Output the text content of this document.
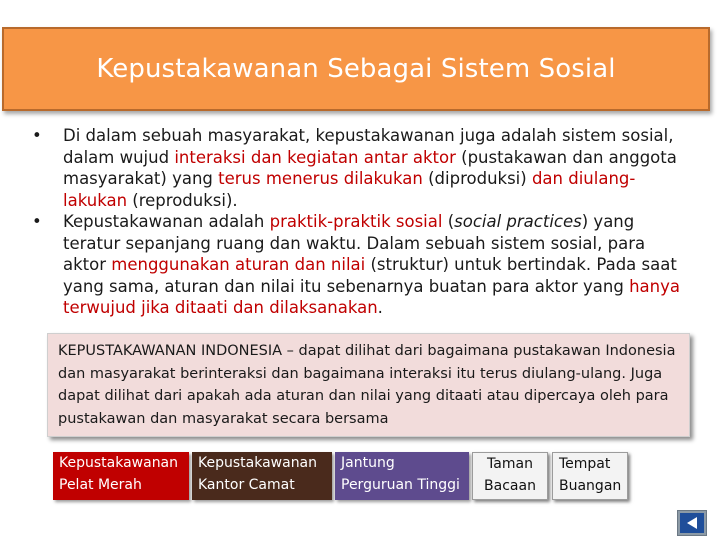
Kepustakawanan Sebagai Sistem Sosial
• Di dalam sebuah masyarakat, kepustakawanan juga adalah sistem sosial, dalam wujud interaksi dan kegiatan antar aktor (pustakawan dan anggota masyarakat) yang terus menerus dilakukan (diproduksi) dan diulang-lakukan (reproduksi).
• Kepustakawanan adalah praktik-praktik sosial (social practices) yang teratur sepanjang ruang dan waktu. Dalam sebuah sistem sosial, para aktor menggunakan aturan dan nilai (struktur) untuk bertindak. Pada saat yang sama, aturan dan nilai itu sebenarnya buatan para aktor yang hanya terwujud jika ditaati dan dilaksanakan.
KEPUSTAKAWANAN INDONESIA – dapat dilihat dari bagaimana pustakawan Indonesia dan masyarakat berinteraksi dan bagaimana interaksi itu terus diulang-ulang. Juga dapat dilihat dari apakah ada aturan dan nilai yang ditaati atau dipercaya oleh para pustakawan dan masyarakat secara bersama
Kepustakawanan
Pelat Merah
Kepustakawanan
Kantor Camat
Jantung
Perguruan Tinggi
Taman
Bacaan
Tempat
Buangan
